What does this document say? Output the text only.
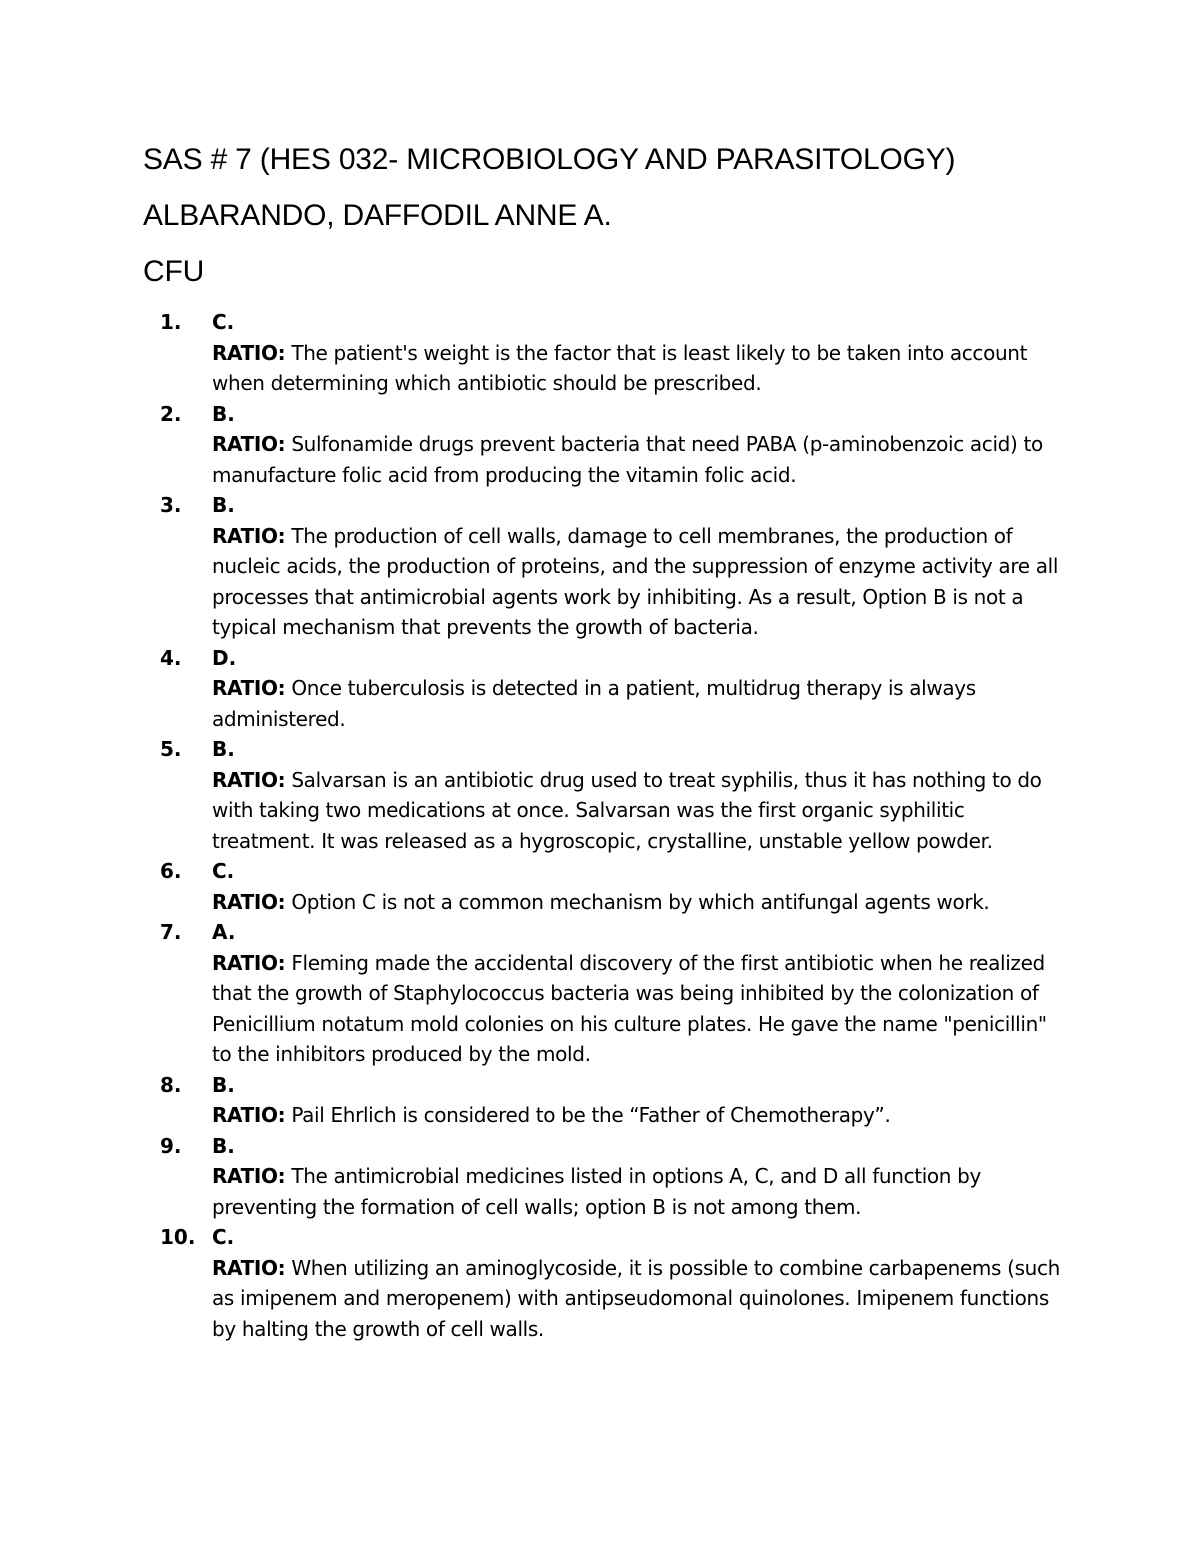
SAS # 7 (HES 032- MICROBIOLOGY AND PARASITOLOGY)
ALBARANDO, DAFFODIL ANNE A.
CFU
1. C.
RATIO: The patient's weight is the factor that is least likely to be taken into account when determining which antibiotic should be prescribed.
2. B.
RATIO: Sulfonamide drugs prevent bacteria that need PABA (p-aminobenzoic acid) to manufacture folic acid from producing the vitamin folic acid.
3. B.
RATIO: The production of cell walls, damage to cell membranes, the production of nucleic acids, the production of proteins, and the suppression of enzyme activity are all processes that antimicrobial agents work by inhibiting. As a result, Option B is not a typical mechanism that prevents the growth of bacteria.
4. D.
RATIO: Once tuberculosis is detected in a patient, multidrug therapy is always administered.
5. B.
RATIO: Salvarsan is an antibiotic drug used to treat syphilis, thus it has nothing to do with taking two medications at once. Salvarsan was the first organic syphilitic treatment. It was released as a hygroscopic, crystalline, unstable yellow powder.
6. C.
RATIO: Option C is not a common mechanism by which antifungal agents work.
7. A.
RATIO: Fleming made the accidental discovery of the first antibiotic when he realized that the growth of Staphylococcus bacteria was being inhibited by the colonization of Penicillium notatum mold colonies on his culture plates. He gave the name "penicillin" to the inhibitors produced by the mold.
8. B.
RATIO: Pail Ehrlich is considered to be the “Father of Chemotherapy”.
9. B.
RATIO: The antimicrobial medicines listed in options A, C, and D all function by preventing the formation of cell walls; option B is not among them.
10. C.
RATIO: When utilizing an aminoglycoside, it is possible to combine carbapenems (such as imipenem and meropenem) with antipseudomonal quinolones. Imipenem functions by halting the growth of cell walls.
